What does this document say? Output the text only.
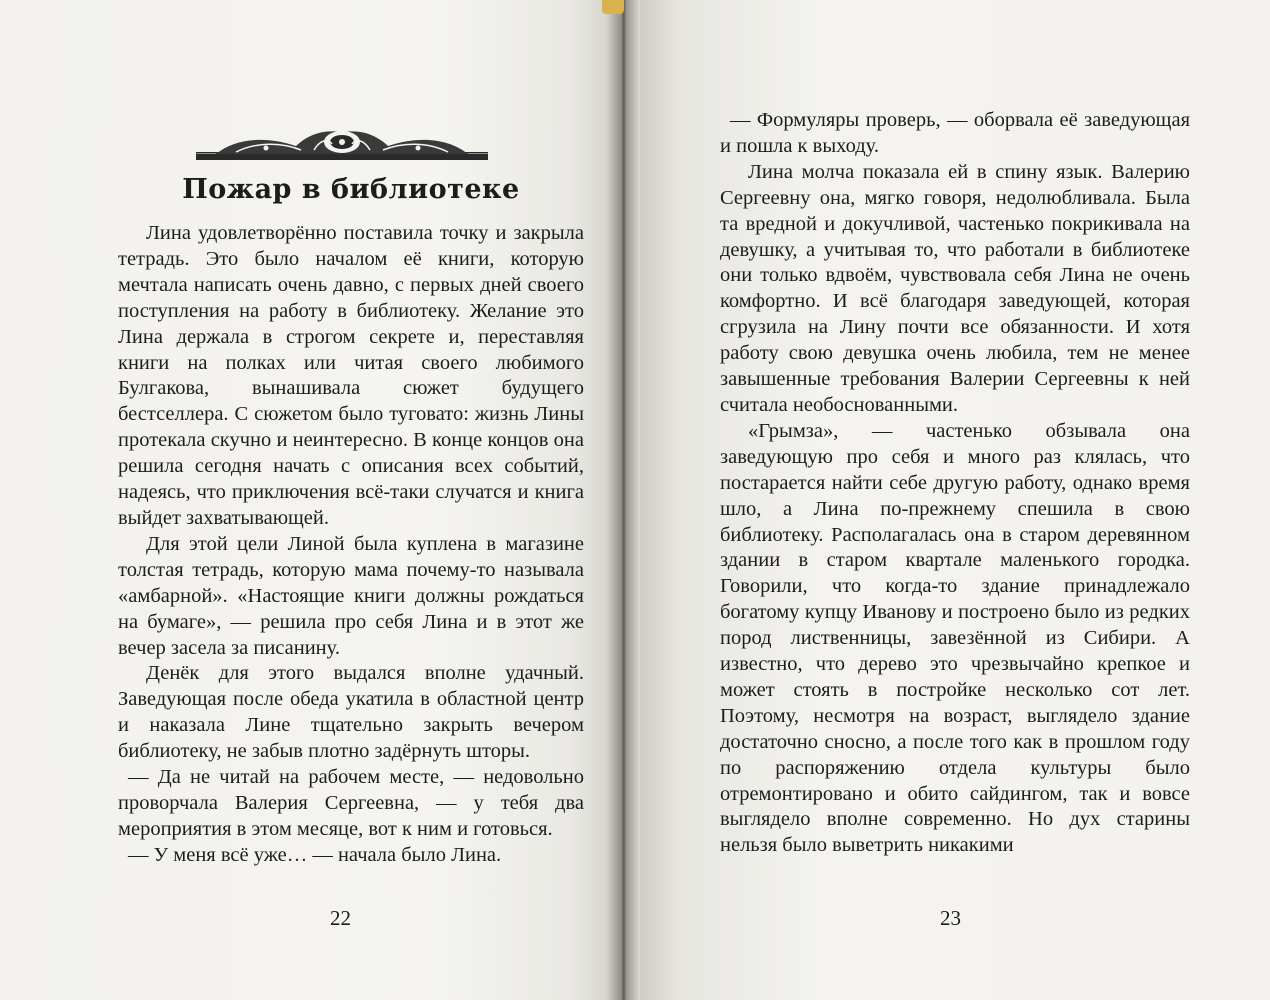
Пожар в библиотеке

Лина удовлетворённо поставила точку и закрыла тетрадь. Это было началом её книги, которую мечтала написать очень давно, с первых дней своего поступления на работу в библиотеку. Желание это Лина держала в строгом секрете и, переставляя книги на полках или читая своего любимого Булгакова, вынашивала сюжет будущего бестселлера. С сюжетом было туговато: жизнь Лины протекала скучно и неинтересно. В конце концов она решила сегодня начать с описания всех событий, надеясь, что приключения всё-таки случатся и книга выйдет захватывающей.

Для этой цели Линой была куплена в магазине толстая тетрадь, которую мама почему-то называла «амбарной». «Настоящие книги должны рождаться на бумаге», — решила про себя Лина и в этот же вечер засела за писанину.

Денёк для этого выдался вполне удачный. Заведующая после обеда укатила в областной центр и наказала Лине тщательно закрыть вечером библиотеку, не забыв плотно задёрнуть шторы.

— Да не читай на рабочем месте, — недовольно проворчала Валерия Сергеевна, — у тебя два мероприятия в этом месяце, вот к ним и готовься.

— У меня всё уже… — начала было Лина.

22

— Формуляры проверь, — оборвала её заведующая и пошла к выходу.

Лина молча показала ей в спину язык. Валерию Сергеевну она, мягко говоря, недолюбливала. Была та вредной и докучливой, частенько покрикивала на девушку, а учитывая то, что работали в библиотеке они только вдвоём, чувствовала себя Лина не очень комфортно. И всё благодаря заведующей, которая сгрузила на Лину почти все обязанности. И хотя работу свою девушка очень любила, тем не менее завышенные требования Валерии Сергеевны к ней считала необоснованными.

«Грымза», — частенько обзывала она заведующую про себя и много раз клялась, что постарается найти себе другую работу, однако время шло, а Лина по-прежнему спешила в свою библиотеку. Располагалась она в старом деревянном здании в старом квартале маленького городка. Говорили, что когда-то здание принадлежало богатому купцу Иванову и построено было из редких пород лиственницы, завезённой из Сибири. А известно, что дерево это чрезвычайно крепкое и может стоять в постройке несколько сот лет. Поэтому, несмотря на возраст, выглядело здание достаточно сносно, а после того как в прошлом году по распоряжению отдела культуры было отремонтировано и обито сайдингом, так и вовсе выглядело вполне современно. Но дух старины нельзя было выветрить никакими

23
